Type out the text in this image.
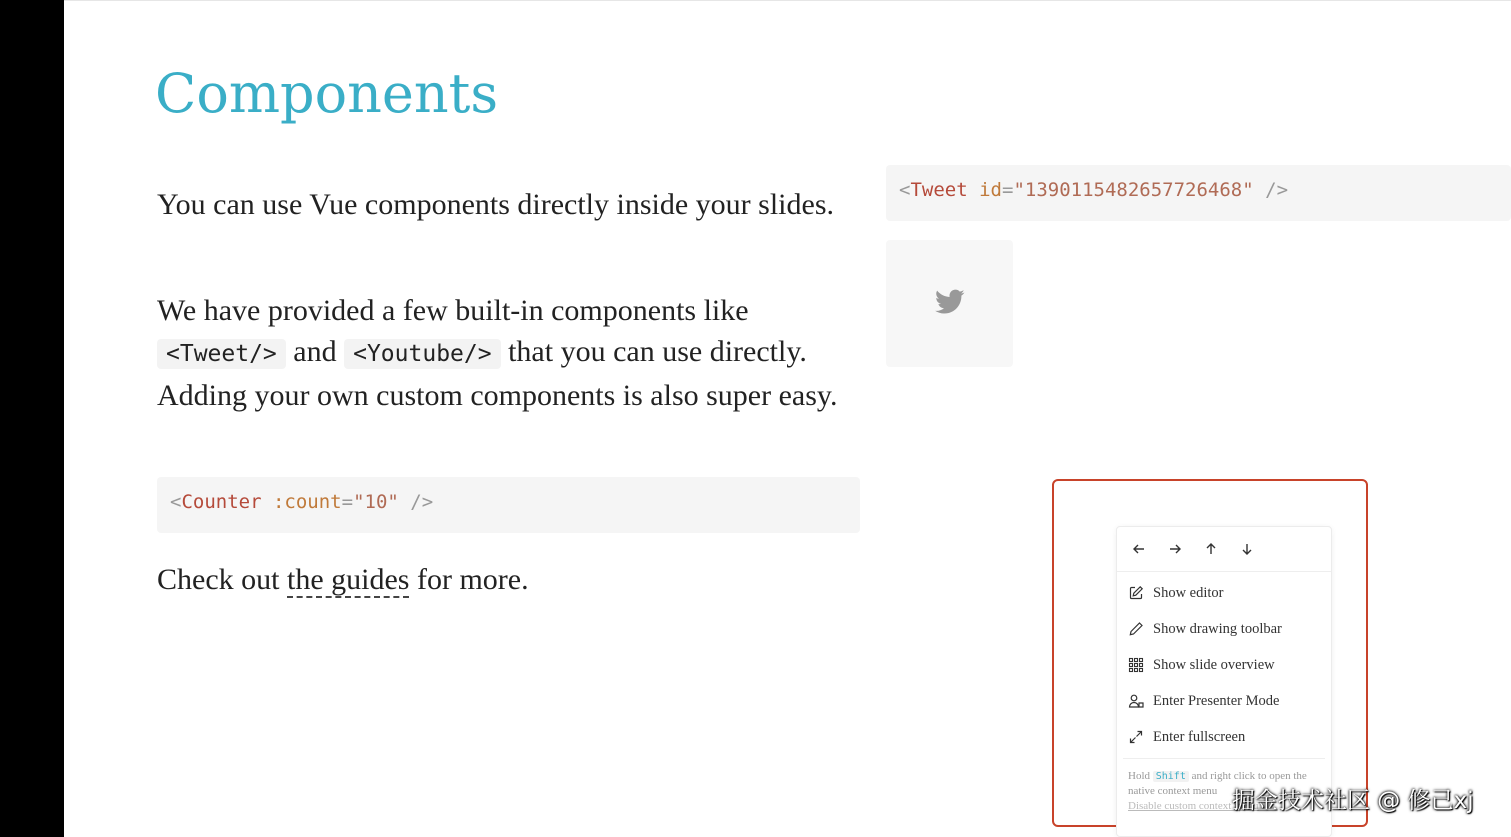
Components

You can use Vue components directly inside your slides.

We have provided a few built-in components like <Tweet/> and <Youtube/> that you can use directly. Adding your own custom components is also super easy.

<Counter :count="10" />

Check out the guides for more.

<Tweet id="1390115482657726468" />
Show editor
Show drawing toolbar
Show slide overview
Enter Presenter Mode
Enter fullscreen
Hold Shift and right click to open the native context menu
Disable custom context menu
掘金技术社区 @ 修己xj
